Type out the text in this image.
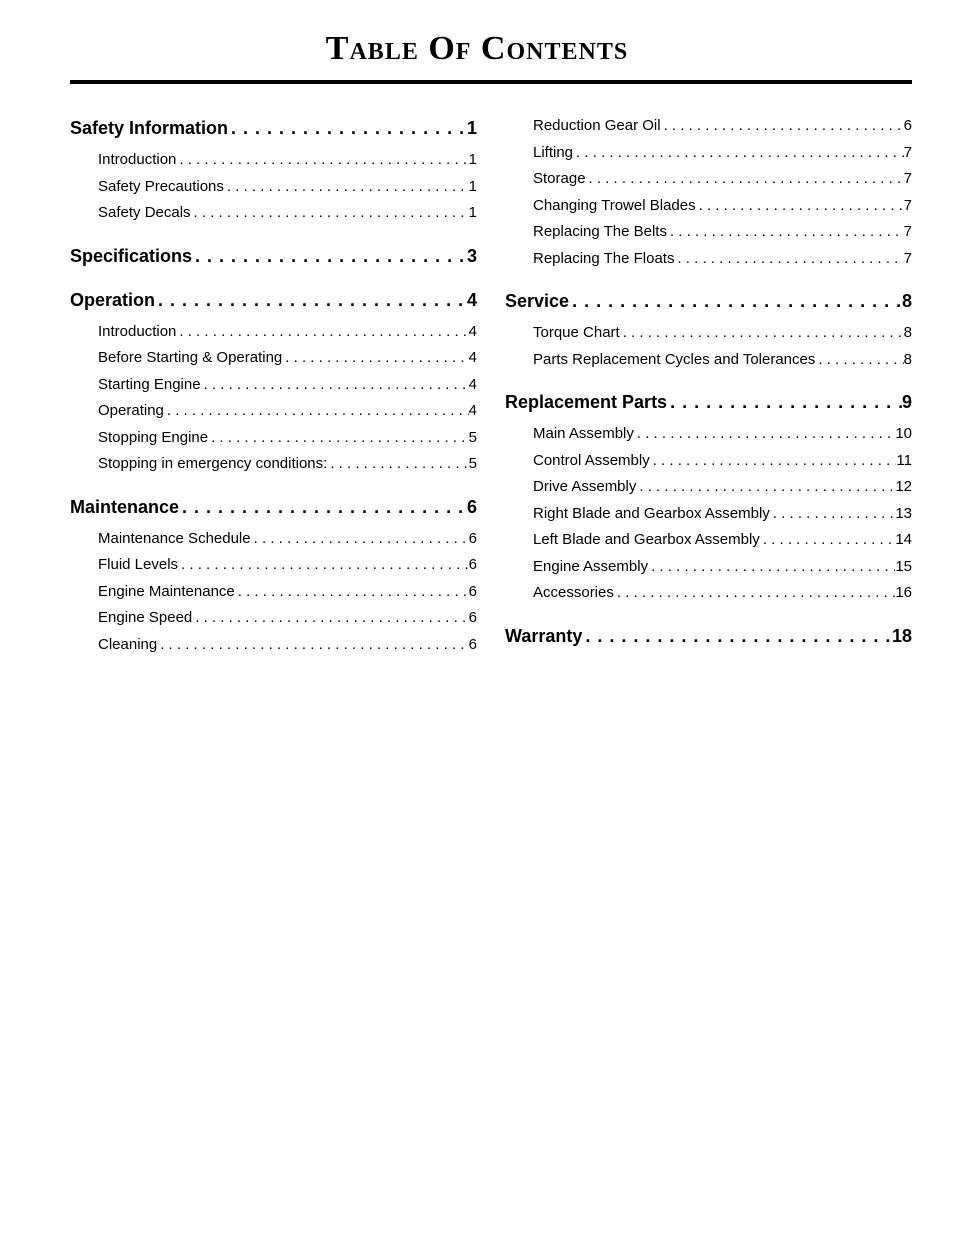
Table Of Contents
Safety Information . . .	1
Introduction . . .	1
Safety Precautions . . .	1
Safety Decals . . .	1
Specifications . . .	3
Operation . . .	4
Introduction . . .	4
Before Starting & Operating . . .	4
Starting Engine . . .	4
Operating . . .	4
Stopping Engine . . .	5
Stopping in emergency conditions: . . .	5
Maintenance . . .	6
Maintenance Schedule . . .	6
Fluid Levels . . .	6
Engine Maintenance . . .	6
Engine Speed . . .	6
Cleaning . . .	6
Reduction Gear Oil . . .	6
Lifting . . .	7
Storage . . .	7
Changing Trowel Blades . . .	7
Replacing The Belts . . .	7
Replacing The Floats . . .	7
Service . . .	8
Torque Chart . . .	8
Parts Replacement Cycles and Tolerances . . .	8
Replacement Parts . . .	9
Main Assembly . . .	10
Control Assembly . . .	11
Drive Assembly . . .	12
Right Blade and Gearbox Assembly . . .	13
Left Blade and Gearbox Assembly . . .	14
Engine Assembly . . .	15
Accessories . . .	16
Warranty . . .	18
